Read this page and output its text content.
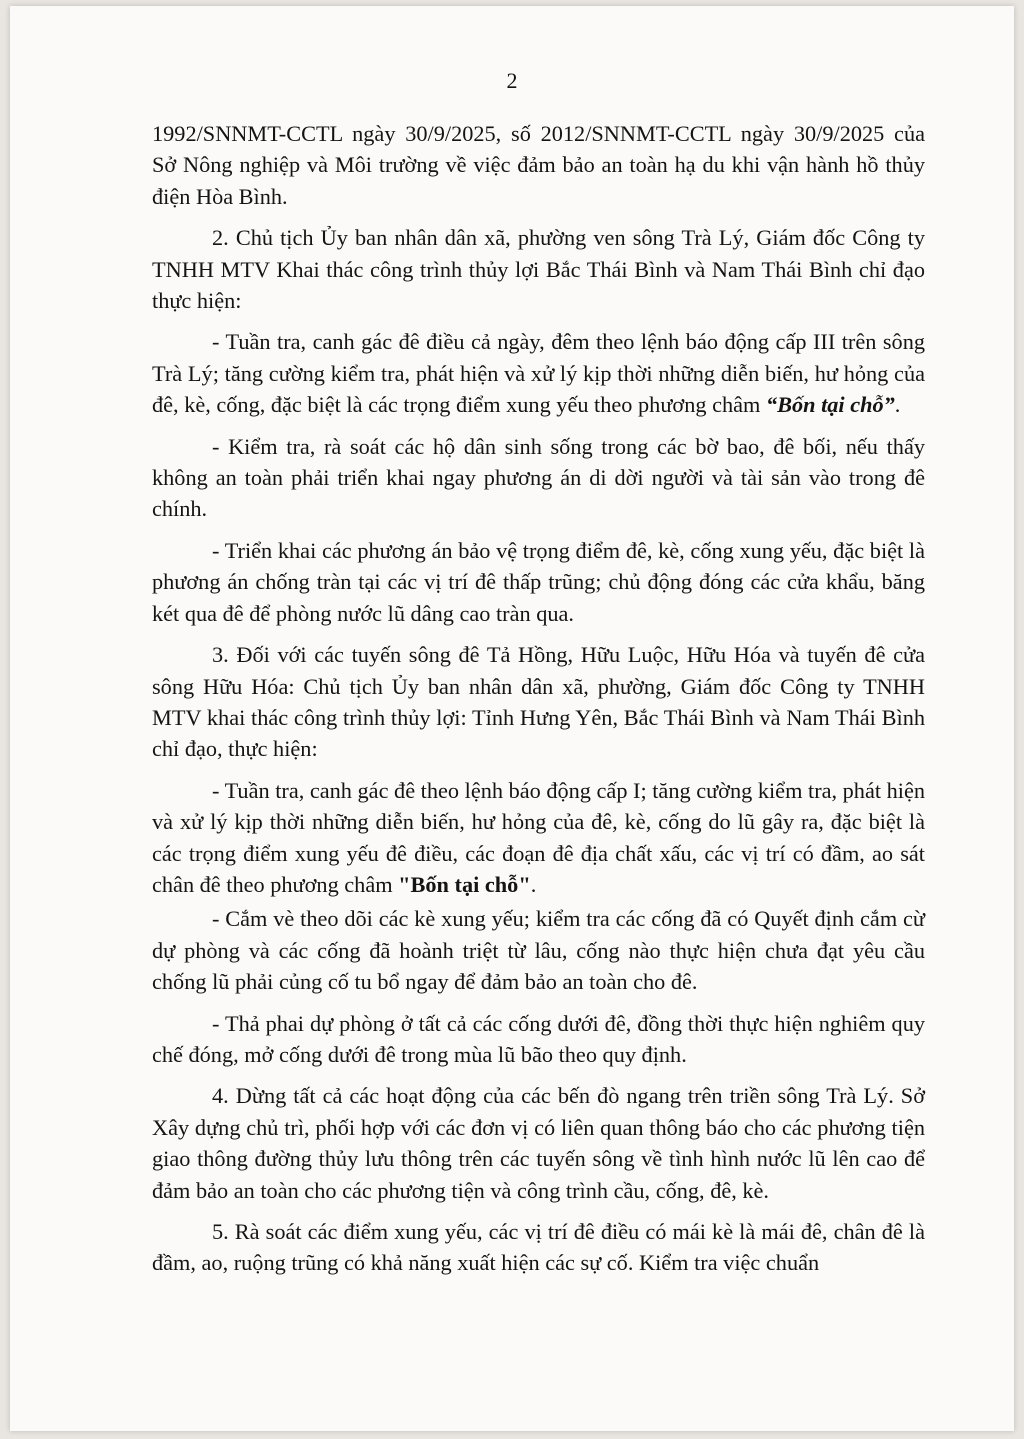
2

1992/SNNMT-CCTL ngày 30/9/2025, số 2012/SNNMT-CCTL ngày 30/9/2025 của Sở Nông nghiệp và Môi trường về việc đảm bảo an toàn hạ du khi vận hành hồ thủy điện Hòa Bình.

2. Chủ tịch Ủy ban nhân dân xã, phường ven sông Trà Lý, Giám đốc Công ty TNHH MTV Khai thác công trình thủy lợi Bắc Thái Bình và Nam Thái Bình chỉ đạo thực hiện:

- Tuần tra, canh gác đê điều cả ngày, đêm theo lệnh báo động cấp III trên sông Trà Lý; tăng cường kiểm tra, phát hiện và xử lý kịp thời những diễn biến, hư hỏng của đê, kè, cống, đặc biệt là các trọng điểm xung yếu theo phương châm “Bốn tại chỗ”.

- Kiểm tra, rà soát các hộ dân sinh sống trong các bờ bao, đê bối, nếu thấy không an toàn phải triển khai ngay phương án di dời người và tài sản vào trong đê chính.

- Triển khai các phương án bảo vệ trọng điểm đê, kè, cống xung yếu, đặc biệt là phương án chống tràn tại các vị trí đê thấp trũng; chủ động đóng các cửa khẩu, băng két qua đê để phòng nước lũ dâng cao tràn qua.

3. Đối với các tuyến sông đê Tả Hồng, Hữu Luộc, Hữu Hóa và tuyến đê cửa sông Hữu Hóa: Chủ tịch Ủy ban nhân dân xã, phường, Giám đốc Công ty TNHH MTV khai thác công trình thủy lợi: Tỉnh Hưng Yên, Bắc Thái Bình và Nam Thái Bình chỉ đạo, thực hiện:

- Tuần tra, canh gác đê theo lệnh báo động cấp I; tăng cường kiểm tra, phát hiện và xử lý kịp thời những diễn biến, hư hỏng của đê, kè, cống do lũ gây ra, đặc biệt là các trọng điểm xung yếu đê điều, các đoạn đê địa chất xấu, các vị trí có đầm, ao sát chân đê theo phương châm "Bốn tại chỗ".

- Cắm vè theo dõi các kè xung yếu; kiểm tra các cống đã có Quyết định cắm cừ dự phòng và các cống đã hoành triệt từ lâu, cống nào thực hiện chưa đạt yêu cầu chống lũ phải củng cố tu bổ ngay để đảm bảo an toàn cho đê.

- Thả phai dự phòng ở tất cả các cống dưới đê, đồng thời thực hiện nghiêm quy chế đóng, mở cống dưới đê trong mùa lũ bão theo quy định.

4. Dừng tất cả các hoạt động của các bến đò ngang trên triền sông Trà Lý. Sở Xây dựng chủ trì, phối hợp với các đơn vị có liên quan thông báo cho các phương tiện giao thông đường thủy lưu thông trên các tuyến sông về tình hình nước lũ lên cao để đảm bảo an toàn cho các phương tiện và công trình cầu, cống, đê, kè.

5. Rà soát các điểm xung yếu, các vị trí đê điều có mái kè là mái đê, chân đê là đầm, ao, ruộng trũng có khả năng xuất hiện các sự cố. Kiểm tra việc chuẩn
